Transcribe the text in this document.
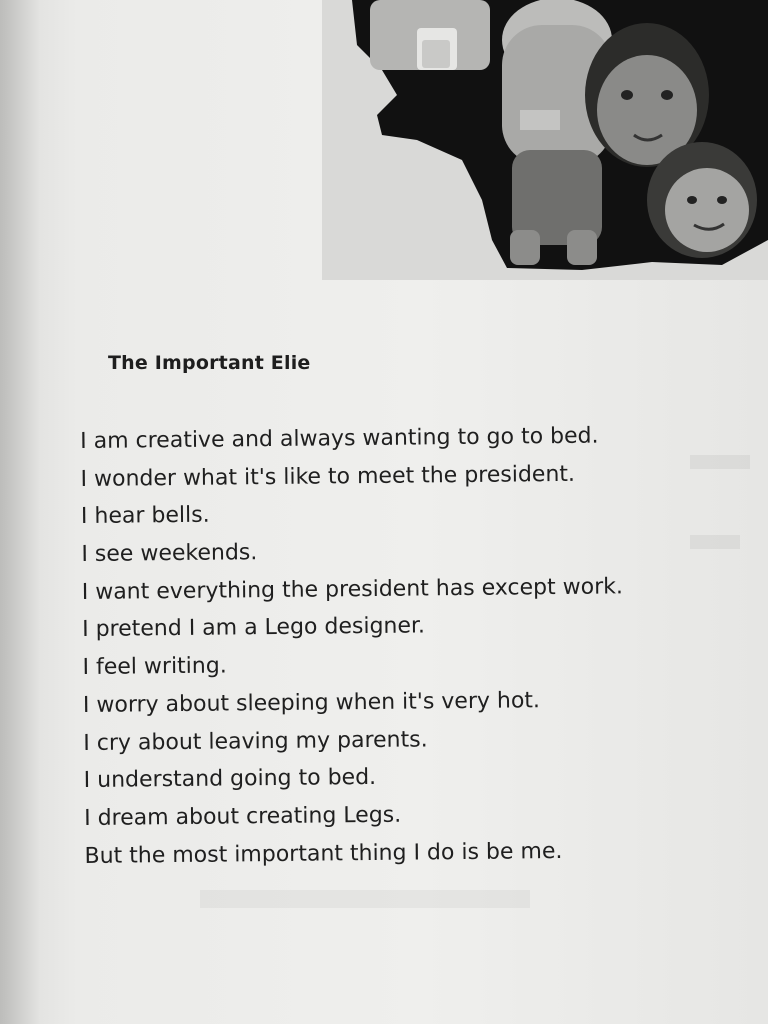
The Important Elie
I am creative and always wanting to go to bed.
I wonder what it's like to meet the president.
I hear bells.
I see weekends.
I want everything the president has except work.
I pretend I am a Lego designer.
I feel writing.
I worry about sleeping when it's very hot.
I cry about leaving my parents.
I understand going to bed.
I dream about creating Legs.
But the most important thing I do is be me.
